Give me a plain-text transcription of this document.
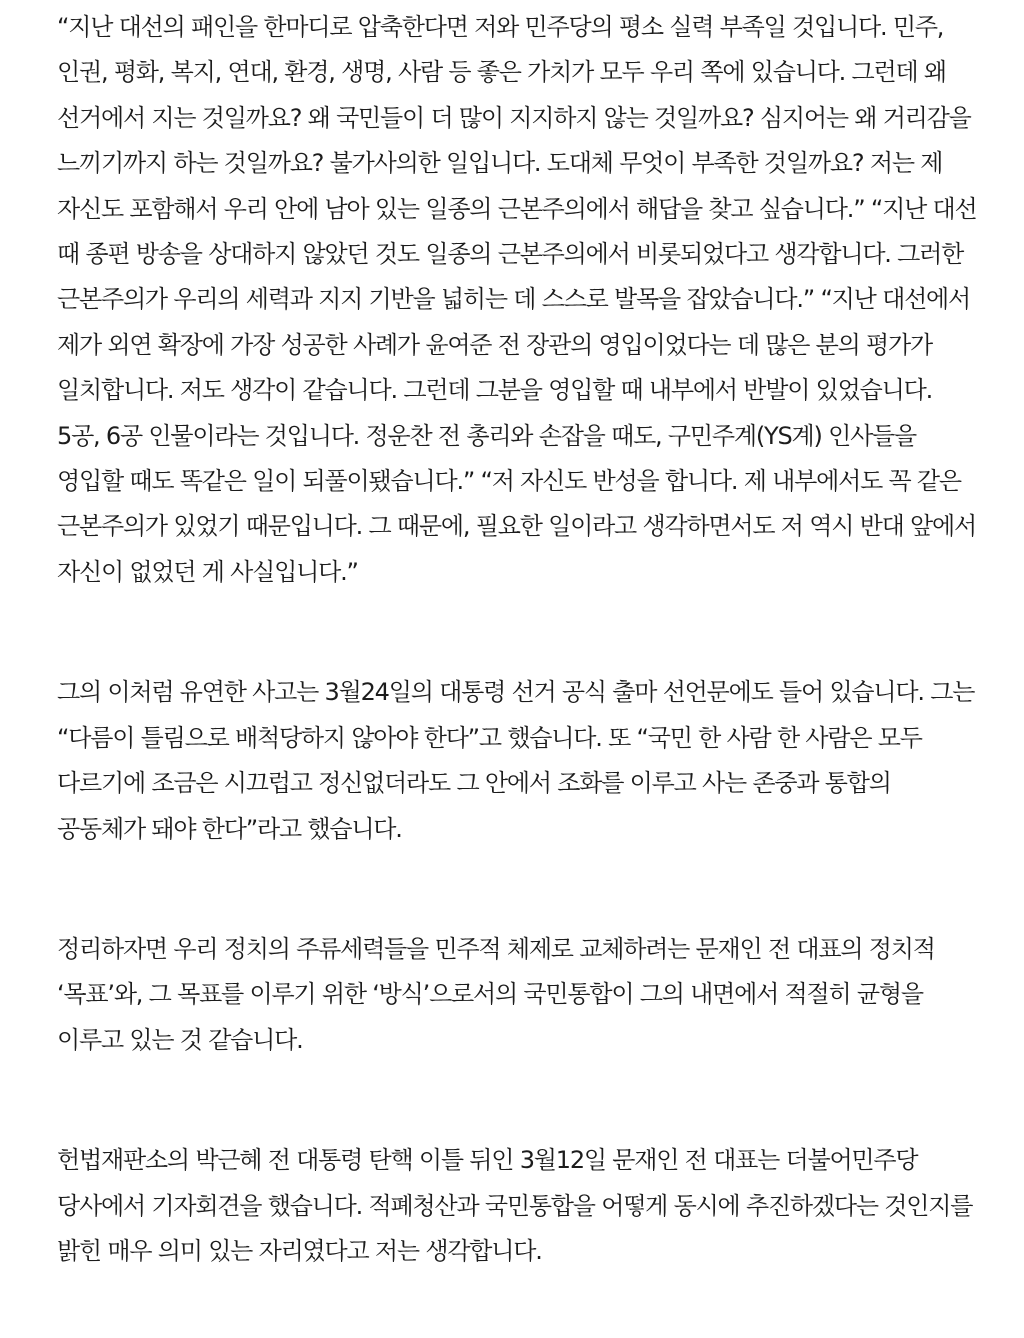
“지난 대선의 패인을 한마디로 압축한다면 저와 민주당의 평소 실력 부족일 것입니다. 민주, 인권, 평화, 복지, 연대, 환경, 생명, 사람 등 좋은 가치가 모두 우리 쪽에 있습니다. 그런데 왜 선거에서 지는 것일까요? 왜 국민들이 더 많이 지지하지 않는 것일까요? 심지어는 왜 거리감을 느끼기까지 하는 것일까요? 불가사의한 일입니다. 도대체 무엇이 부족한 것일까요? 저는 제 자신도 포함해서 우리 안에 남아 있는 일종의 근본주의에서 해답을 찾고 싶습니다.” “지난 대선 때 종편 방송을 상대하지 않았던 것도 일종의 근본주의에서 비롯되었다고 생각합니다. 그러한 근본주의가 우리의 세력과 지지 기반을 넓히는 데 스스로 발목을 잡았습니다.” “지난 대선에서 제가 외연 확장에 가장 성공한 사례가 윤여준 전 장관의 영입이었다는 데 많은 분의 평가가 일치합니다. 저도 생각이 같습니다. 그런데 그분을 영입할 때 내부에서 반발이 있었습니다. 5공, 6공 인물이라는 것입니다. 정운찬 전 총리와 손잡을 때도, 구민주계(YS계) 인사들을 영입할 때도 똑같은 일이 되풀이됐습니다.” “저 자신도 반성을 합니다. 제 내부에서도 꼭 같은 근본주의가 있었기 때문입니다. 그 때문에, 필요한 일이라고 생각하면서도 저 역시 반대 앞에서 자신이 없었던 게 사실입니다.”

그의 이처럼 유연한 사고는 3월24일의 대통령 선거 공식 출마 선언문에도 들어 있습니다. 그는 “다름이 틀림으로 배척당하지 않아야 한다”고 했습니다. 또 “국민 한 사람 한 사람은 모두 다르기에 조금은 시끄럽고 정신없더라도 그 안에서 조화를 이루고 사는 존중과 통합의 공동체가 돼야 한다”라고 했습니다.

정리하자면 우리 정치의 주류세력들을 민주적 체제로 교체하려는 문재인 전 대표의 정치적 ‘목표’와, 그 목표를 이루기 위한 ‘방식’으로서의 국민통합이 그의 내면에서 적절히 균형을 이루고 있는 것 같습니다.

헌법재판소의 박근혜 전 대통령 탄핵 이틀 뒤인 3월12일 문재인 전 대표는 더불어민주당 당사에서 기자회견을 했습니다. 적폐청산과 국민통합을 어떻게 동시에 추진하겠다는 것인지를 밝힌 매우 의미 있는 자리였다고 저는 생각합니다.
